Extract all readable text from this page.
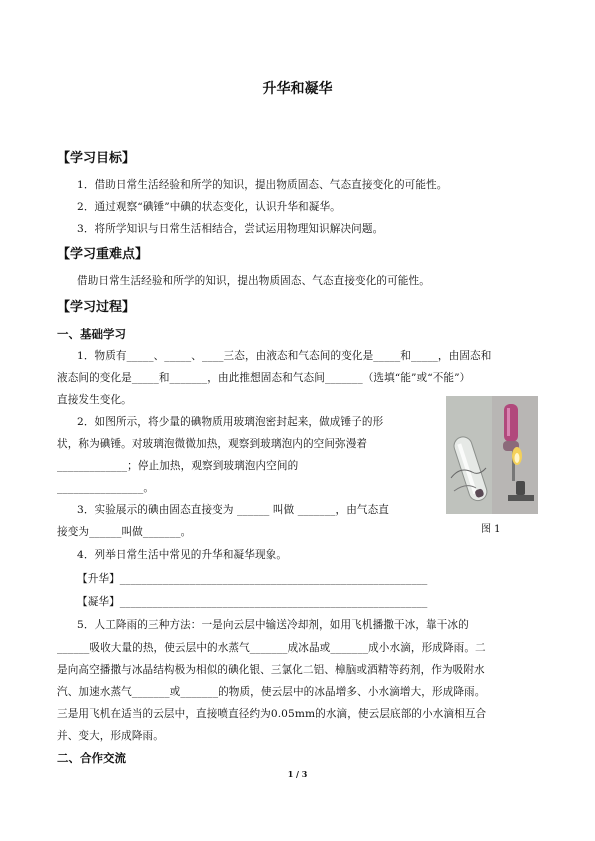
升华和凝华
【学习目标】
1．借助日常生活经验和所学的知识，提出物质固态、气态直接变化的可能性。
2．通过观察“碘锤”中碘的状态变化，认识升华和凝华。
3．将所学知识与日常生活相结合，尝试运用物理知识解决问题。
【学习重难点】
借助日常生活经验和所学的知识，提出物质固态、气态直接变化的可能性。
【学习过程】
一、基础学习
1．物质有_____、_____、____三态，由液态和气态间的变化是_____和_____，由固态和
液态间的变化是_____和_______，由此推想固态和气态间_______（选填“能”或“不能”）
直接发生变化。
2．如图所示，将少量的碘物质用玻璃泡密封起来，做成锤子的形
状，称为碘锤。对玻璃泡微微加热，观察到玻璃泡内的空间弥漫着
_____________；停止加热，观察到玻璃泡内空间的
________________。
3．实验展示的碘由固态直接变为 ______ 叫做 _______，由气态直
接变为______叫做_______。
4．列举日常生活中常见的升华和凝华现象。
【升华】_________________________________________________________
【凝华】_________________________________________________________
5．人工降雨的三种方法：一是向云层中输送冷却剂，如用飞机播撒干冰，靠干冰的
______吸收大量的热，使云层中的水蒸气_______成冰晶或_______成小水滴，形成降雨。二
是向高空播撒与冰晶结构极为相似的碘化银、三氯化二铝、樟脑或酒精等药剂，作为吸附水
汽、加速水蒸气_______或_______的物质，使云层中的冰晶增多、小水滴增大，形成降雨。
三是用飞机在适当的云层中，直接喷直径约为0.05mm的水滴，使云层底部的小水滴相互合
并、变大，形成降雨。
二、合作交流
图 1
1 / 3
